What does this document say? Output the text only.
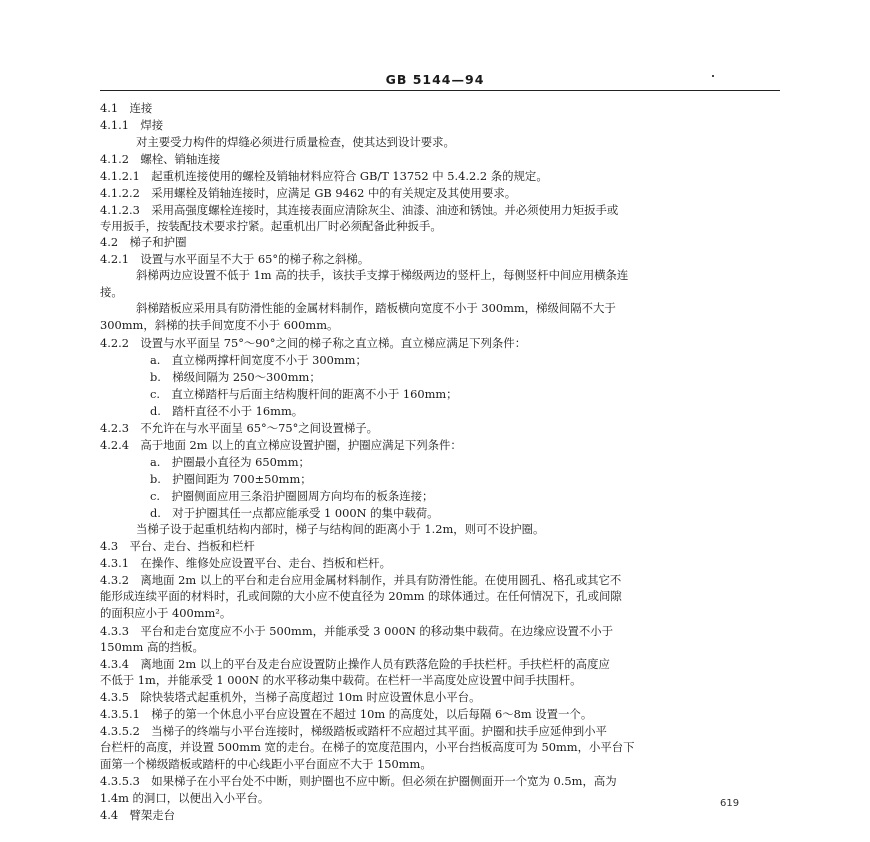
GB 5144—94
4.1　连接
4.1.1　焊接
对主要受力构件的焊缝必须进行质量检查，使其达到设计要求。
4.1.2　螺栓、销轴连接
4.1.2.1　起重机连接使用的螺栓及销轴材料应符合 GB/T 13752 中 5.4.2.2 条的规定。
4.1.2.2　采用螺栓及销轴连接时，应满足 GB 9462 中的有关规定及其使用要求。
4.1.2.3　采用高强度螺栓连接时，其连接表面应清除灰尘、油漆、油迹和锈蚀。并必须使用力矩扳手或
专用扳手，按装配技术要求拧紧。起重机出厂时必须配备此种扳手。
4.2　梯子和护圈
4.2.1　设置与水平面呈不大于 65°的梯子称之斜梯。
斜梯两边应设置不低于 1m 高的扶手，该扶手支撑于梯级两边的竖杆上，每侧竖杆中间应用横条连
接。
斜梯踏板应采用具有防滑性能的金属材料制作，踏板横向宽度不小于 300mm，梯级间隔不大于
300mm，斜梯的扶手间宽度不小于 600mm。
4.2.2　设置与水平面呈 75°～90°之间的梯子称之直立梯。直立梯应满足下列条件：
a.　直立梯两撑杆间宽度不小于 300mm；
b.　梯级间隔为 250～300mm；
c.　直立梯踏杆与后面主结构腹杆间的距离不小于 160mm；
d.　踏杆直径不小于 16mm。
4.2.3　不允许在与水平面呈 65°～75°之间设置梯子。
4.2.4　高于地面 2m 以上的直立梯应设置护圈，护圈应满足下列条件：
a.　护圈最小直径为 650mm；
b.　护圈间距为 700±50mm；
c.　护圈侧面应用三条沿护圈圆周方向均布的板条连接；
d.　对于护圈其任一点都应能承受 1 000N 的集中载荷。
当梯子设于起重机结构内部时，梯子与结构间的距离小于 1.2m，则可不设护圈。
4.3　平台、走台、挡板和栏杆
4.3.1　在操作、维修处应设置平台、走台、挡板和栏杆。
4.3.2　离地面 2m 以上的平台和走台应用金属材料制作，并具有防滑性能。在使用圆孔、格孔或其它不
能形成连续平面的材料时，孔或间隙的大小应不使直径为 20mm 的球体通过。在任何情况下，孔或间隙
的面积应小于 400mm²。
4.3.3　平台和走台宽度应不小于 500mm，并能承受 3 000N 的移动集中载荷。在边缘应设置不小于
150mm 高的挡板。
4.3.4　离地面 2m 以上的平台及走台应设置防止操作人员有跌落危险的手扶栏杆。手扶栏杆的高度应
不低于 1m，并能承受 1 000N 的水平移动集中载荷。在栏杆一半高度处应设置中间手扶围杆。
4.3.5　除快装塔式起重机外，当梯子高度超过 10m 时应设置休息小平台。
4.3.5.1　梯子的第一个休息小平台应设置在不超过 10m 的高度处，以后每隔 6～8m 设置一个。
4.3.5.2　当梯子的终端与小平台连接时，梯级踏板或踏杆不应超过其平面。护圈和扶手应延伸到小平
台栏杆的高度，并设置 500mm 宽的走台。在梯子的宽度范围内，小平台挡板高度可为 50mm，小平台下
面第一个梯级踏板或踏杆的中心线距小平台面应不大于 150mm。
4.3.5.3　如果梯子在小平台处不中断，则护圈也不应中断。但必须在护圈侧面开一个宽为 0.5m，高为
1.4m 的洞口，以便出入小平台。
4.4　臂架走台
619
